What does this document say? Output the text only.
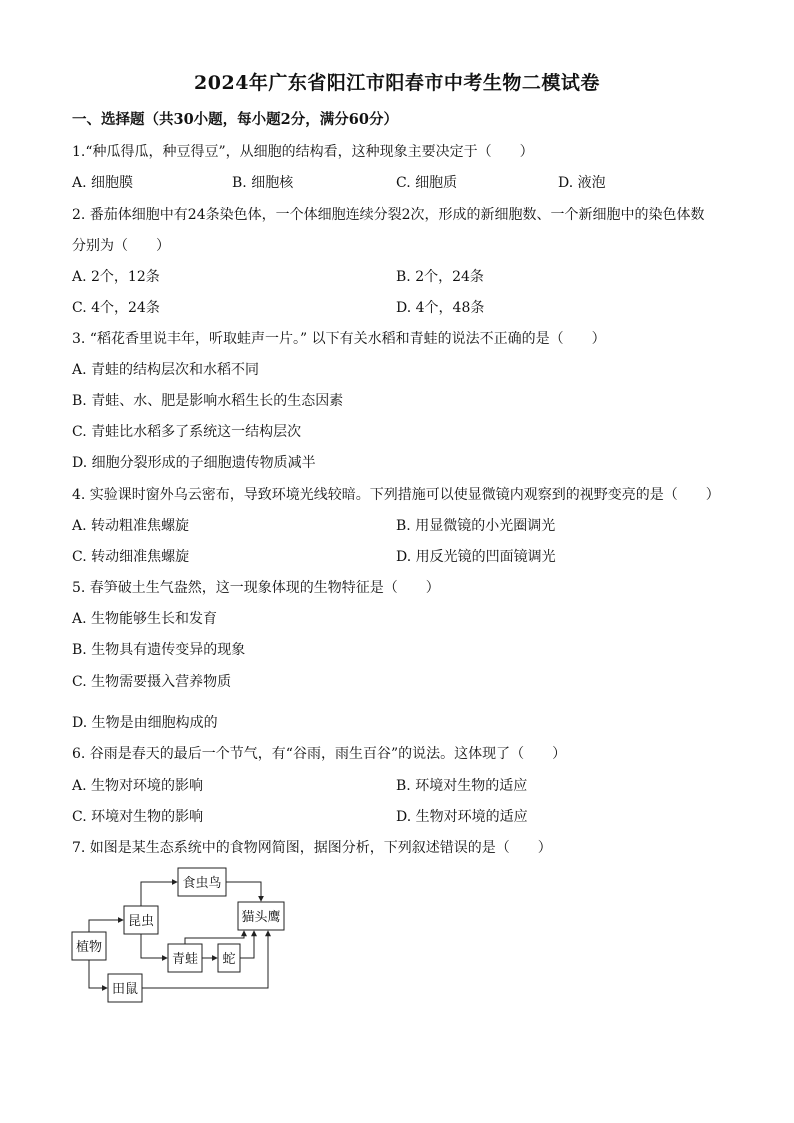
2024年广东省阳江市阳春市中考生物二模试卷
一、选择题（共30小题，每小题2分，满分60分）
1.“种瓜得瓜，种豆得豆”，从细胞的结构看，这种现象主要决定于（　　）
A. 细胞膜	B. 细胞核	C. 细胞质	D. 液泡
2. 番茄体细胞中有24条染色体，一个体细胞连续分裂2次，形成的新细胞数、一个新细胞中的染色体数
分别为（　　）
A. 2个，12条	B. 2个，24条
C. 4个，24条	D. 4个，48条
3. “稻花香里说丰年，听取蛙声一片。” 以下有关水稻和青蛙的说法不正确的是（　　）
A. 青蛙的结构层次和水稻不同
B. 青蛙、水、肥是影响水稻生长的生态因素
C. 青蛙比水稻多了系统这一结构层次
D. 细胞分裂形成的子细胞遗传物质减半
4. 实验课时窗外乌云密布，导致环境光线较暗。下列措施可以使显微镜内观察到的视野变亮的是（　　）
A. 转动粗准焦螺旋	B. 用显微镜的小光圈调光
C. 转动细准焦螺旋	D. 用反光镜的凹面镜调光
5. 春笋破土生气盎然，这一现象体现的生物特征是（　　）
A. 生物能够生长和发育
B. 生物具有遗传变异的现象
C. 生物需要摄入营养物质
D. 生物是由细胞构成的
6. 谷雨是春天的最后一个节气，有“谷雨，雨生百谷”的说法。这体现了（　　）
A. 生物对环境的影响	B. 环境对生物的适应
C. 环境对生物的影响	D. 生物对环境的适应
7. 如图是某生态系统中的食物网简图，据图分析，下列叙述错误的是（　　）
植物
昆虫
食虫鸟
猫头鹰
青蛙 蛇
田鼠
